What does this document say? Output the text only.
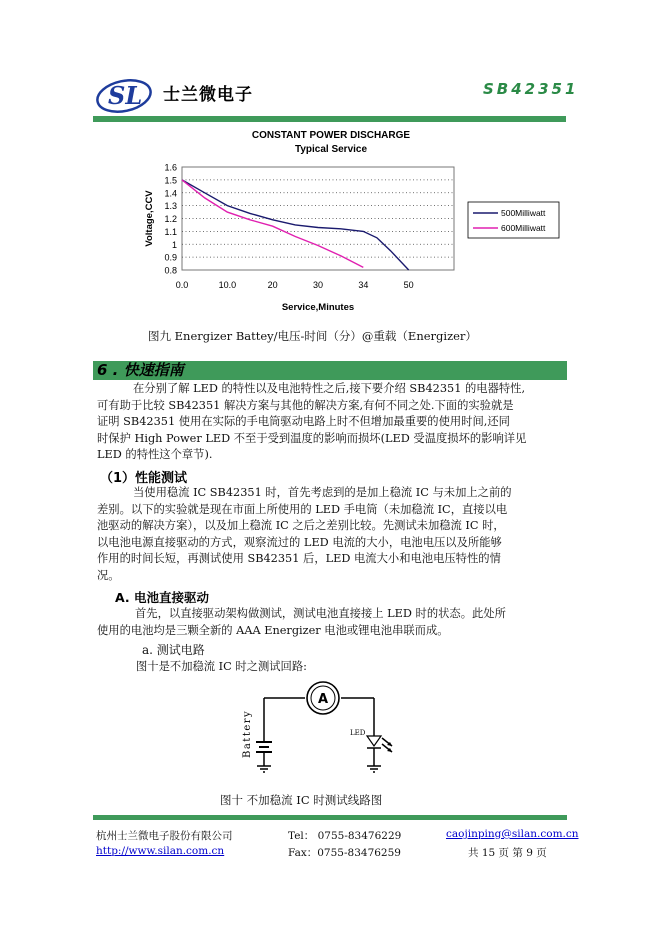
SL 士兰微电子	SB42351
CONSTANT POWER DISCHARGE
Typical Service
1.6
1.5
1.4
1.3
1.2
1.1
1
0.9
0.8
0.0	10.0	20	30	34	50
Service,Minutes
Voltage,CCV	500Milliwatt
600Milliwatt
图九 Energizer Battey/电压-时间（分）@重载（Energizer）
6 . 快速指南
在分别了解 LED 的特性以及电池特性之后,接下要介绍 SB42351 的电器特性,
可有助于比较 SB42351 解决方案与其他的解决方案,有何不同之处.下面的实验就是
证明 SB42351 使用在实际的手电筒驱动电路上时不但增加最重要的使用时间,还同
时保护 High Power LED 不至于受到温度的影响而损坏(LED 受温度损坏的影响详见
LED 的特性这个章节).
（1）性能测试
当使用稳流 IC SB42351 时，首先考虑到的是加上稳流 IC 与未加上之前的
差别。以下的实验就是现在市面上所使用的 LED 手电筒（未加稳流 IC，直接以电
池驱动的解决方案），以及加上稳流 IC 之后之差别比较。先测试未加稳流 IC 时，
以电池电源直接驱动的方式，观察流过的 LED 电流的大小，电池电压以及所能够
作用的时间长短，再测试使用 SB42351 后，LED 电流大小和电池电压特性的情
况。
A. 电池直接驱动
首先，以直接驱动架构做测试，测试电池直接接上 LED 时的状态。此处所
使用的电池均是三颗全新的 AAA Energizer 电池或锂电池串联而成。
a. 测试电路
图十是不加稳流 IC 时之测试回路:
A
LED
Battery
图十 不加稳流 IC 时测试线路图
杭州士兰微电子股份有限公司
http://www.silan.com.cn
Tel： 0755-83476229
Fax：0755-83476259
caojinping@silan.com.cn
共 15 页 第 9 页
